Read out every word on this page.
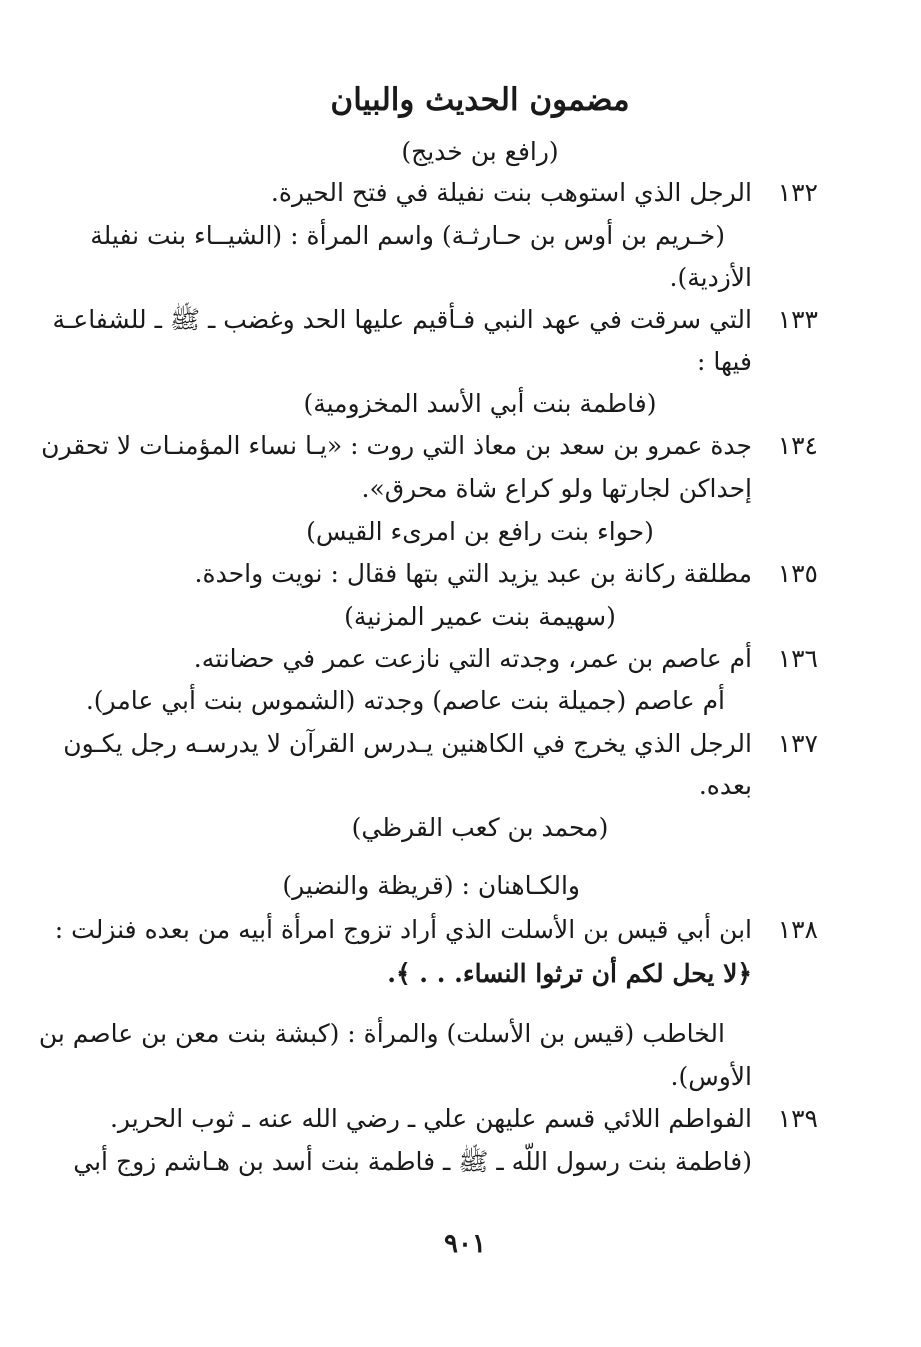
مضمون الحديث والبيان
(رافع بن خديج)
١٣٢
الرجل الذي استوهب بنت نفيلة في فتح الحيرة.
(خـريم بن أوس بن حـارثـة) واسم المرأة : (الشيــاء بنت نفيلة
الأزدية).
١٣٣
التي سرقت في عهد النبي فـأقيم عليها الحد وغضب ـ ﷺ ـ للشفاعـة
فيها :
(فاطمة بنت أبي الأسد المخزومية)
١٣٤
جدة عمرو بن سعد بن معاذ التي روت : «يـا نساء المؤمنـات لا تحقرن
إحداكن لجارتها ولو كراع شاة محرق».
(حواء بنت رافع بن امرىء القيس)
١٣٥
مطلقة ركانة بن عبد يزيد التي بتها فقال : نويت واحدة.
(سهيمة بنت عمير المزنية)
١٣٦
أم عاصم بن عمر، وجدته التي نازعت عمر في حضانته.
أم عاصم (جميلة بنت عاصم) وجدته (الشموس بنت أبي عامر).
١٣٧
الرجل الذي يخرج في الكاهنين يـدرس القرآن لا يدرسـه رجل يكـون
بعده.
(محمد بن كعب القرظي)
والكـاهنان : (قريظة والنضير)
١٣٨
ابن أبي قيس بن الأسلت الذي أراد تزوج امرأة أبيه من بعده فنزلت :
﴿لا يحل لكم أن ترثوا النساء. . . ﴾.
الخاطب (قيس بن الأسلت) والمرأة : (كبشة بنت معن بن عاصم بن
الأوس).
١٣٩
الفواطم اللائي قسم عليهن علي ـ رضي الله عنه ـ ثوب الحرير.
(فاطمة بنت رسول اللّه ـ ﷺ ـ فاطمة بنت أسد بن هـاشم زوج أبي
٩٠١
